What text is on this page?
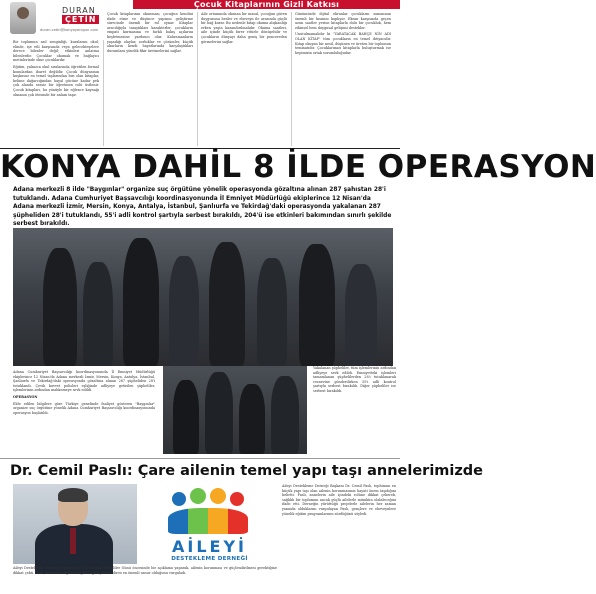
Çocuk Kitaplarının Gizli Katkısı
DURAN
ÇETİN
duran.cetin@konyayenigun.com

Bir toplumun asıl zenginliği, kuralarını okul; elinde, işe etli karşısında veya gelecekteşelere derece bilenler değil; etkinleri anlatma bilenlerdir. Çocuklar okumak ve bağlayıcı metinlerinde okur çocuklardır.

Eğitim, yalnızca okul sıralarında öğretilen formal konulardan ibaret değildir. Çocuk dünyasının kuşkusuz en temel taşlarından biri olan kitaplar, kelime dağarcığından hayal gücüne kadar pek çok alanda sessiz bir öğretmen rolü üstlenir. Çocuk kitapları, bu yönüyle bir eğlence kaynağı olmanın çok ötesinde bir anlam taşır.

Çocuk kitaplarının okunması, çocuğun kendini ifade etme ve düşünce yapısını geliştirme sürecinde önemli bir rol oynar. Kitaplar aracılığıyla tanıştıkları karakterler, çocukların empati kurmasına ve farklı bakış açılarını keşfetmesine yardımcı olur. Kahramanların yaşadığı olaylar, zorluklar ve çözümler, küçük okurların kendi hayatlarında karşılaştıkları durumlara yönelik fikir üretmelerini sağlar.

Aile ortamında okunan bir masal, çocuğun güven duygusunu besler ve ebeveyn ile arasında güçlü bir bağ kurar. Bu nedenle kitap okuma alışkanlığı erken yaşta kazandırılmalıdır. Okuma saatleri, aile içinde küçük birer ritüele dönüşebilir ve çocukların dünyayı daha geniş bir pencereden görmelerini sağlar.

Günümüzde dijital ekranlar çocukların zamanının önemli bir kısmını kaplıyor. Ekran karşısında geçen uzun saatler yerine kitaplarla dolu bir çocukluk, hem zihinsel hem duygusal gelişimi destekler.

Unutulmamalıdır ki "YARATACAK BAHÇE NİN ADI OLAN KİTAP" tüm çocukların en temel ihtiyacıdır. Kitap okuyan bir nesil, düşünen ve üreten bir toplumun teminatıdır. Çocuklarımızı kitaplarla buluşturmak ise hepimizin ortak sorumluluğudur.

KONYA DAHİL 8 İLDE OPERASYON
Adana merkezli 8 ilde "Baygınlar" organize suç örgütüne yönelik operasyonda gözaltına alınan 287 şahıstan 28'i tutuklandı. Adana Cumhuriyet Başsavcılığı koordinasyonunda İl Emniyet Müdürlüğü ekiplerince 12 Nisan'da Adana merkezli İzmir, Mersin, Konya, Antalya, İstanbul, Şanlıurfa ve Tekirdağ'daki operasyonda yakalanan 287 şüpheliden 28'i tutuklandı, 55'i adli kontrol şartıyla serbest bırakıldı, 204'ü ise etkinleri bakımından sınırlı şekilde serbest bırakıldı.

Adana Cumhuriyet Başsavcılığı koordinasyonunda İl Emniyet Müdürlüğü ekiplerince 12 Nisan'da Adana merkezli İzmir, Mersin, Konya, Antalya, İstanbul, Şanlıurfa ve Tekirdağ'daki operasyonda gözaltına alınan 287 şüpheliden 28'i tutuklandı. Çevik kuvvet polisleri eşliğinde adliyeye getirilen şüpheliler, işlemlerinin ardından mahkemeye sevk edildi.

OPERASYON

Elde edilen bilgilere göre Türkiye genelinde faaliyet gösteren "Baygınlar" organize suç örgütüne yönelik Adana Cumhuriyet Başsavcılığı koordinasyonunda operasyon başlatıldı.

Yakalanan şüpheliler, tüm işlemlerinin ardından adliyeye sevk edildi. Emniyetteki işlemleri tamamlanan şüphelilerden 28'i tutuklanarak cezaevine gönderilirken 55'i adli kontrol şartıyla serbest bırakıldı. Diğer şüpheliler ise serbest bırakıldı.

Dr. Cemil Paslı: Çare ailenin temel yapı taşı annelerimizde
AİLEYİ
DESTEKLEME DERNEĞİ

Aileyi Destekleme Derneği Başkanı Dr. Cemil Paslı, toplumun en küçük yapı taşı olan ailenin korunmasının hayati önem taşıdığını belirtti. Paslı, annelerin aile içindeki rolüne dikkat çekerek, sağlıklı bir toplumun ancak güçlü ailelerle mümkün olabileceğini ifade etti. Derneğin yürüttüğü projelerle ailelerin her zaman yanında olduklarını vurgulayan Paslı, gençlere ve ebeveynlere yönelik eğitim programlarının sürdüğünü söyledi.

Aileyi Destekleme Derneği Başkanı Dr. Cemil Paslı Sevgililer Günü öncesinde bir açıklama yaparak, ailenin korunması ve güçlendirilmesi gerektiğine dikkat çekti. Paslı, annelerin toplumun geleceğini şekillendiren en önemli unsur olduğunu vurguladı.
